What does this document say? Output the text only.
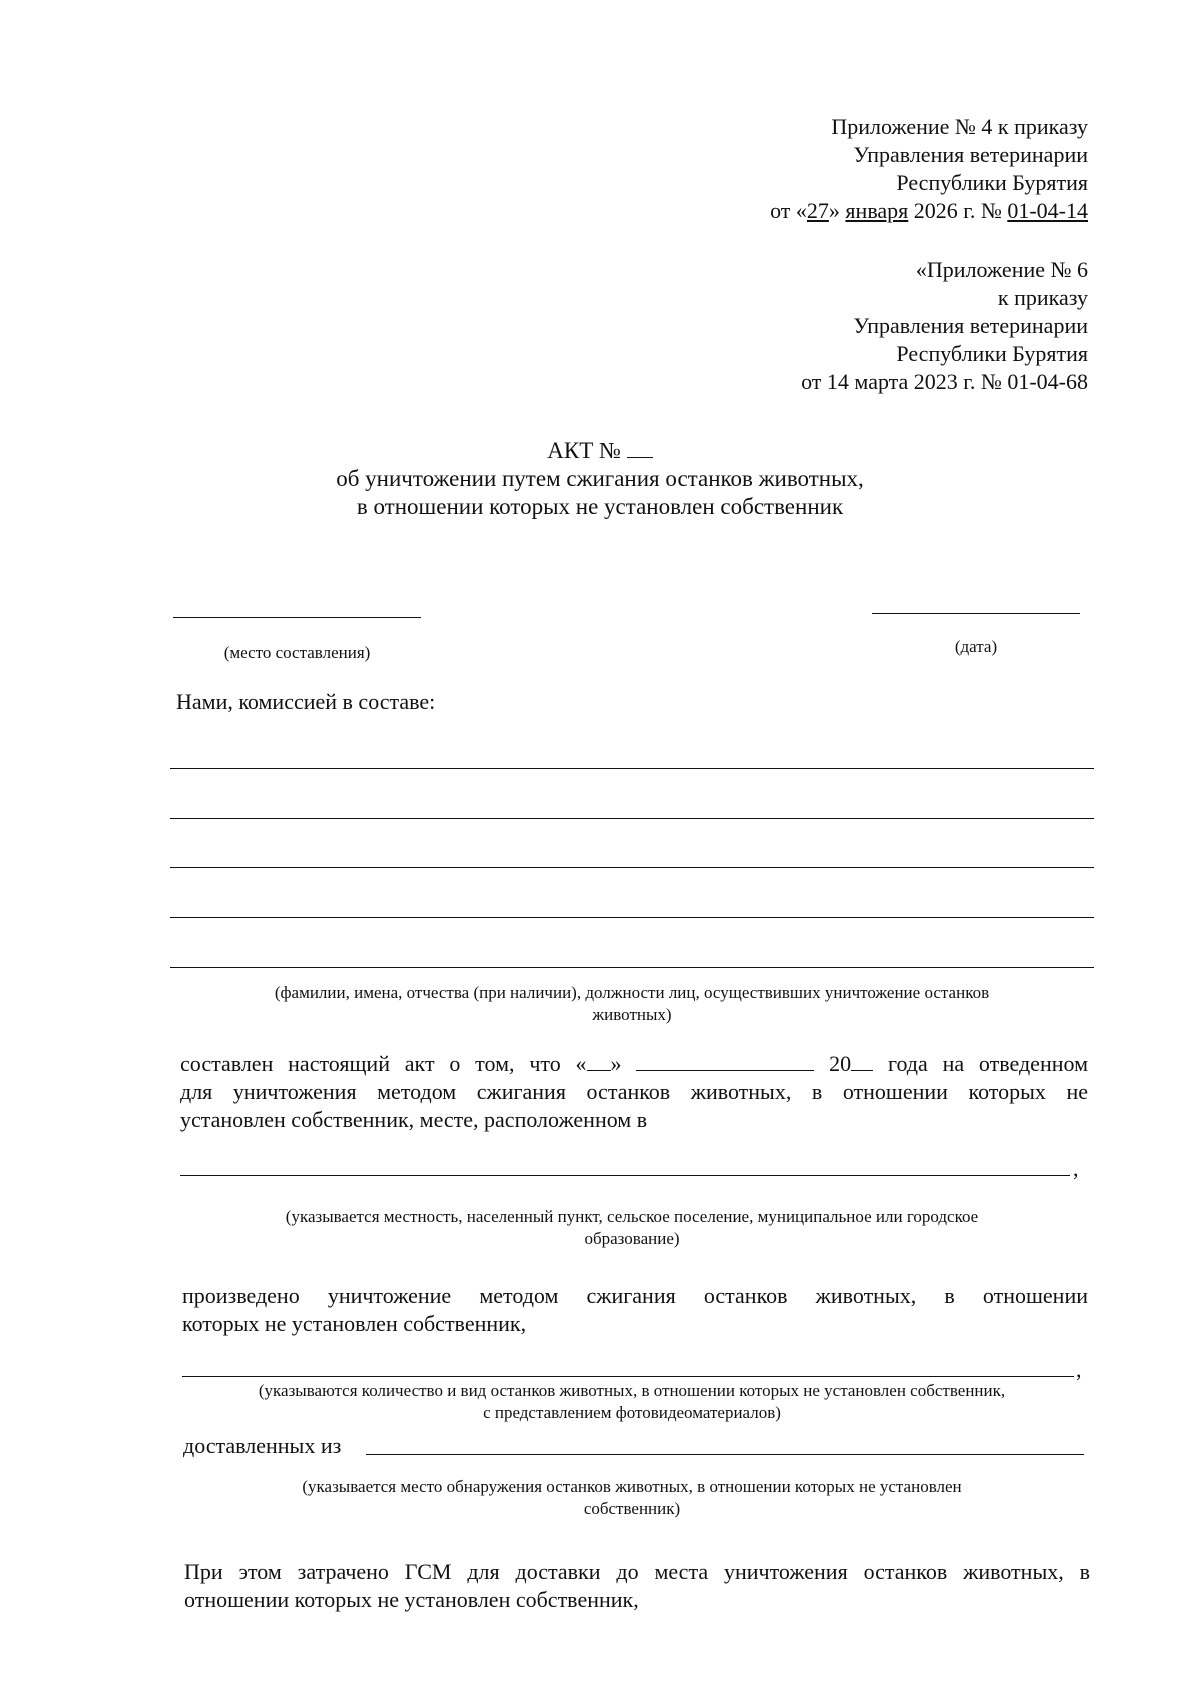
Приложение № 4 к приказу
Управления ветеринарии
Республики Бурятия
от «27» января 2026 г. № 01-04-14
«Приложение № 6
к приказу
Управления ветеринарии
Республики Бурятия
от 14 марта 2023 г. № 01-04-68
АКТ №
об уничтожении путем сжигания останков животных,
в отношении которых не установлен собственник
(место составления)	(дата)
Нами, комиссией в составе:
(фамилии, имена, отчества (при наличии), должности лиц, осуществивших уничтожение останков
животных)
составлен настоящий акт о том, что « »	20 года на отведенном
для уничтожения методом сжигания останков животных, в отношении которых не
установлен собственник, месте, расположенном в
,
(указывается местность, населенный пункт, сельское поселение, муниципальное или городское
образование)
произведено уничтожение методом сжигания останков животных, в отношении
которых не установлен собственник,
,
(указываются количество и вид останков животных, в отношении которых не установлен собственник,
с представлением фотовидеоматериалов)
доставленных из
(указывается место обнаружения останков животных, в отношении которых не установлен
собственник)
При этом затрачено ГСМ для доставки до места уничтожения останков животных, в
отношении которых не установлен собственник,
